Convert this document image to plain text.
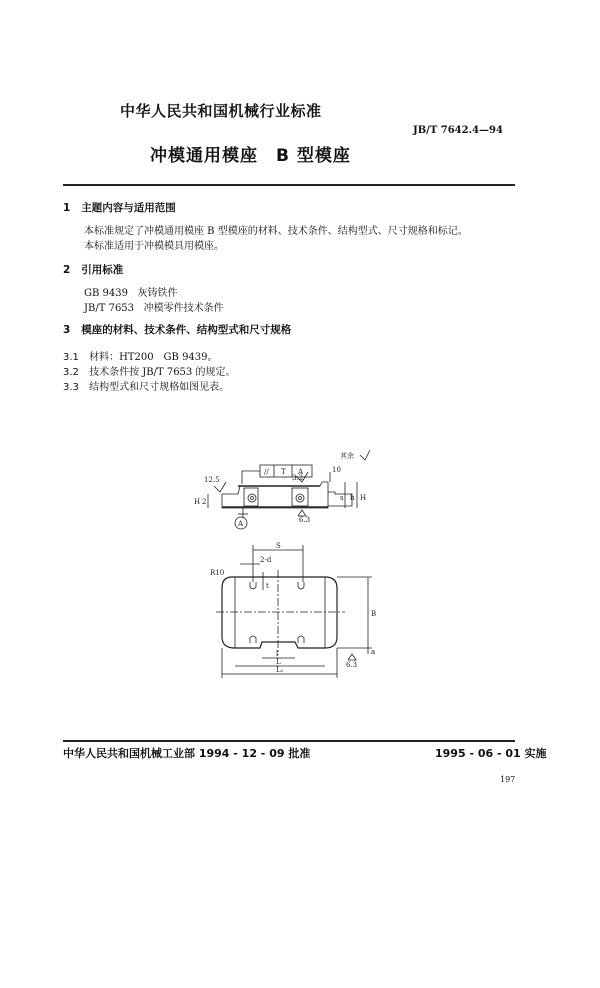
中华人民共和国机械行业标准
JB/T 7642.4—94
冲模通用模座　B 型模座
1 主题内容与适用范围
本标准规定了冲模通用模座 B 型模座的材料、技术条件、结构型式、尺寸规格和标记。
本标准适用于冲模模具用模座。
2 引用标准
GB 9439 灰铸铁件
JB/T 7653 冲模零件技术条件
3 模座的材料、技术条件、结构型式和尺寸规格
3.1 材料：HT200　GB 9439。
3.2 技术条件按 JB/T 7653 的规定。
3.3 结构型式和尺寸规格如图见表。
H 2
// T A
12.5	3.2
6.3
A
10
s h H
其余
S
2-d
t
R10
B
l
L
L₁
6.3
a
中华人民共和国机械工业部 1994 - 12 - 09 批准	1995 - 06 - 01 实施
197
